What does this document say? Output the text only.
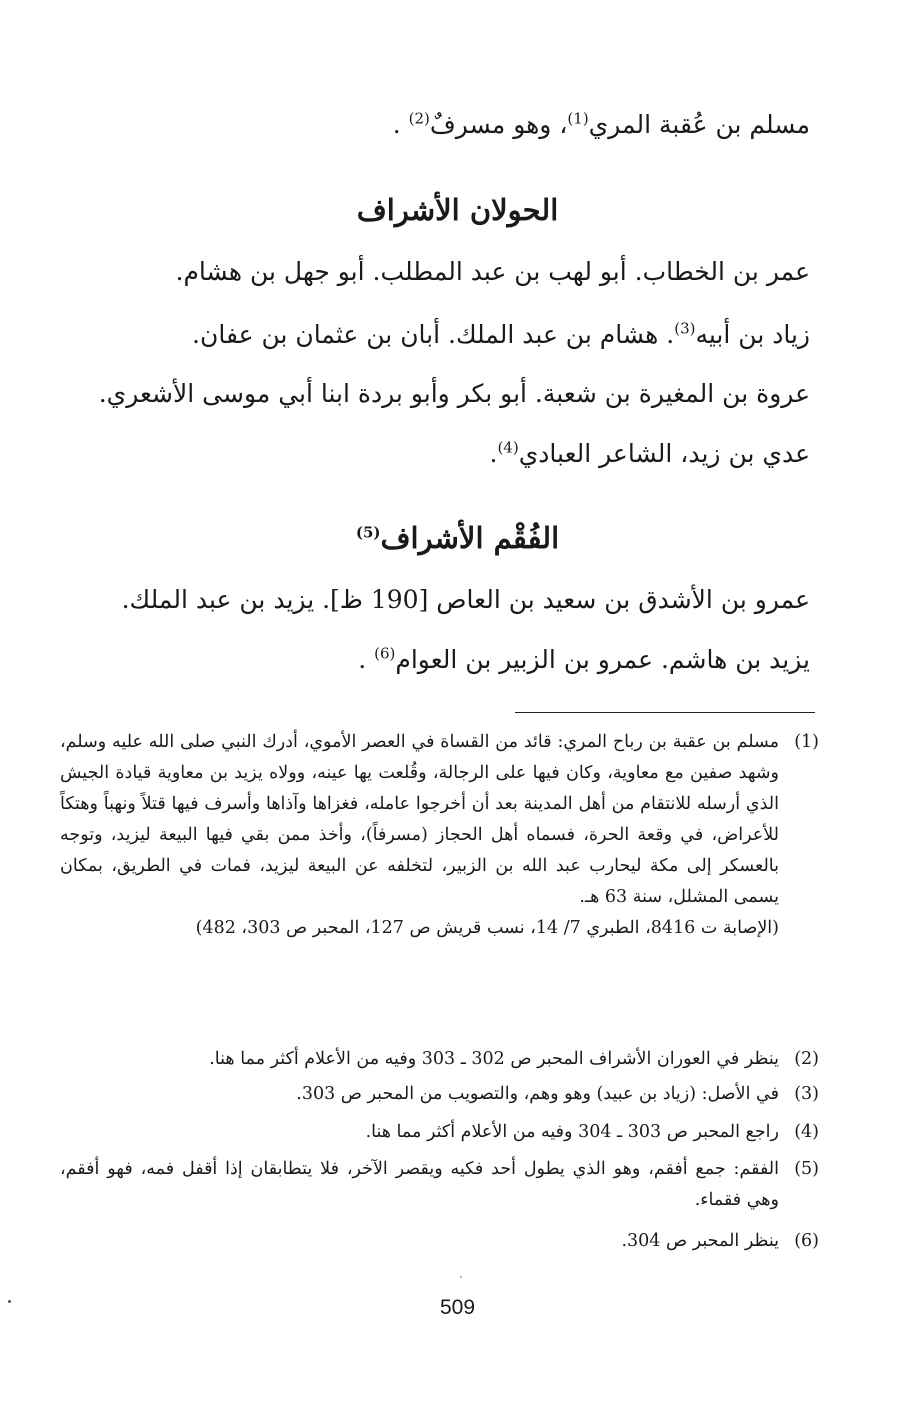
مسلم بن عُقبة المري$^{(1)}$، وهو مسرفٌ$^{(2)}$ .
الحولان الأشراف
عمر بن الخطاب. أبو لهب بن عبد المطلب. أبو جهل بن هشام.
زياد بن أبيه$^{(3)}$. هشام بن عبد الملك. أبان بن عثمان بن عفان.
عروة بن المغيرة بن شعبة. أبو بكر وأبو بردة ابنا أبي موسى الأشعري.
عدي بن زيد، الشاعر العبادي$^{(4)}$.
الفُقْم الأشراف$^{(5)}$
عمرو بن الأشدق بن سعيد بن العاص [190 ظ]. يزيد بن عبد الملك.
يزيد بن هاشم. عمرو بن الزبير بن العوام$^{(6)}$ .
(1)
مسلم بن عقبة بن رباح المري: قائد من القساة في العصر الأموي، أدرك النبي صلى الله عليه وسلم، وشهد صفين مع معاوية، وكان فيها على الرجالة، وقُلعت يها عينه، وولاه يزيد بن معاوية قيادة الجيش الذي أرسله للانتقام من أهل المدينة بعد أن أخرجوا عامله، فغزاها وآذاها وأسرف فيها قتلاً ونهباً وهتكاً للأعراض، في وقعة الحرة، فسماه أهل الحجاز (مسرفاً)، وأخذ ممن بقي فيها البيعة ليزيد، وتوجه بالعسكر إلى مكة ليحارب عبد الله بن الزبير، لتخلفه عن البيعة ليزيد، فمات في الطريق، بمكان يسمى المشلل، سنة 63 هـ.
(الإصابة ت 8416، الطبري 7/ 14، نسب قريش ص 127، المحبر ص 303، 482)
(2)
ينظر في العوران الأشراف المحبر ص 302 ـ 303 وفيه من الأعلام أكثر مما هنا.
(3)
في الأصل: (زياد بن عبيد) وهو وهم، والتصويب من المحبر ص 303.
(4)
راجع المحبر ص 303 ـ 304 وفيه من الأعلام أكثر مما هنا.
(5)
الفقم: جمع أفقم، وهو الذي يطول أحد فكيه ويقصر الآخر، فلا يتطابقان إذا أقفل فمه، فهو أفقم، وهي فقماء.
(6)
ينظر المحبر ص 304.
509
